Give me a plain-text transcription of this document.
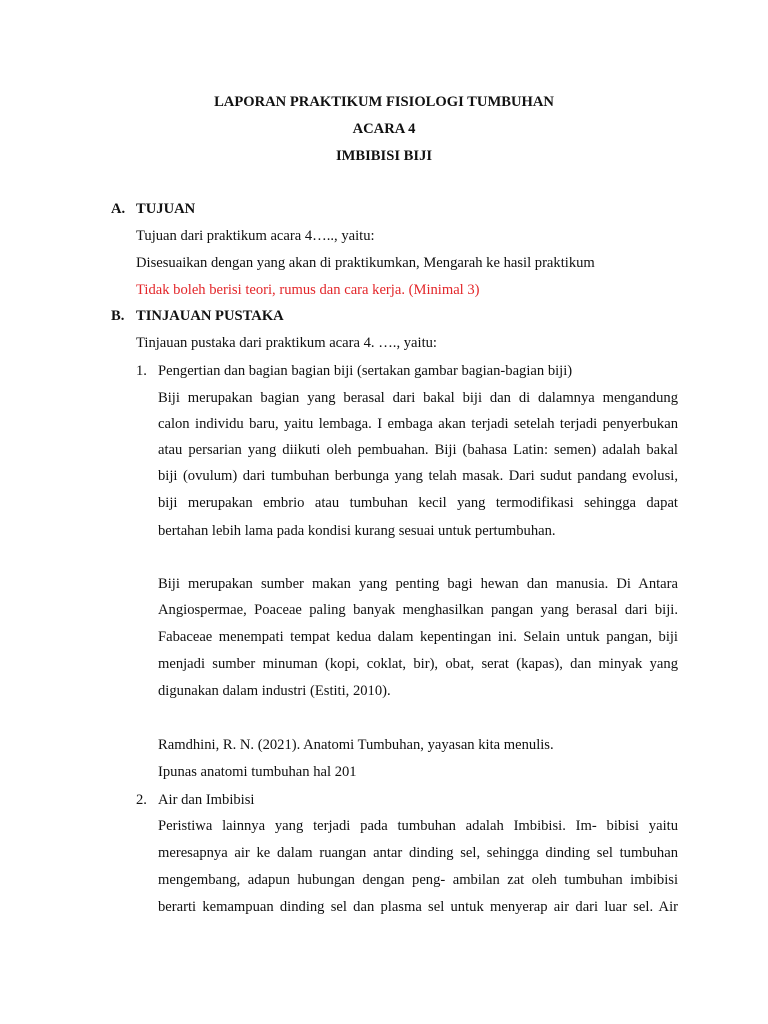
LAPORAN PRAKTIKUM FISIOLOGI TUMBUHAN
ACARA 4
IMBIBISI BIJI
A. TUJUAN
Tujuan dari praktikum acara 4….., yaitu:
Disesuaikan dengan yang akan di praktikumkan, Mengarah ke hasil praktikum
Tidak boleh berisi teori, rumus dan cara kerja. (Minimal 3)
B. TINJAUAN PUSTAKA
Tinjauan pustaka dari praktikum acara 4. …., yaitu:
1. Pengertian dan bagian bagian biji (sertakan gambar bagian-bagian biji)
Biji merupakan bagian yang berasal dari bakal biji dan di dalamnya mengandung
calon individu baru, yaitu lembaga. I embaga akan terjadi setelah terjadi penyerbukan
atau persarian yang diikuti oleh pembuahan. Biji (bahasa Latin: semen) adalah bakal
biji (ovulum) dari tumbuhan berbunga yang telah masak. Dari sudut pandang evolusi,
biji merupakan embrio atau tumbuhan kecil yang termodifikasi sehingga dapat
bertahan lebih lama pada kondisi kurang sesuai untuk pertumbuhan.
Biji merupakan sumber makan yang penting bagi hewan dan manusia. Di Antara
Angiospermae, Poaceae paling banyak menghasilkan pangan yang berasal dari biji.
Fabaceae menempati tempat kedua dalam kepentingan ini. Selain untuk pangan, biji
menjadi sumber minuman (kopi, coklat, bir), obat, serat (kapas), dan minyak yang
digunakan dalam industri (Estiti, 2010).
Ramdhini, R. N. (2021). Anatomi Tumbuhan, yayasan kita menulis.
Ipunas anatomi tumbuhan hal 201
2. Air dan Imbibisi
Peristiwa lainnya yang terjadi pada tumbuhan adalah Imbibisi. Im- bibisi yaitu
meresapnya air ke dalam ruangan antar dinding sel, sehingga dinding sel tumbuhan
mengembang, adapun hubungan dengan peng- ambilan zat oleh tumbuhan imbibisi
berarti kemampuan dinding sel dan plasma sel untuk menyerap air dari luar sel. Air
